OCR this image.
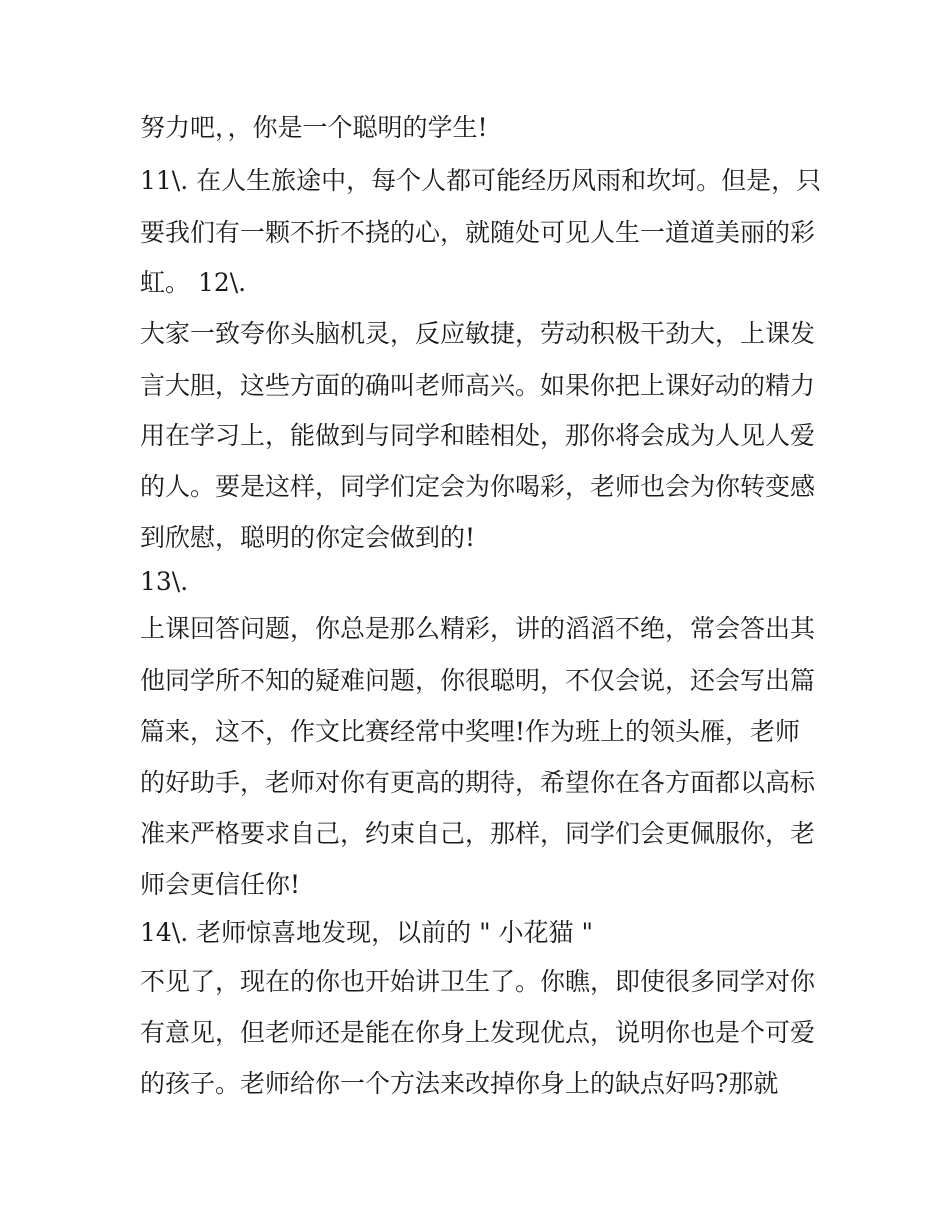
努力吧，，你是一个聪明的学生!
11\. 在人生旅途中，每个人都可能经历风雨和坎坷。但是，只
要我们有一颗不折不挠的心，就随处可见人生一道道美丽的彩
虹。 12\.
大家一致夸你头脑机灵，反应敏捷，劳动积极干劲大，上课发
言大胆，这些方面的确叫老师高兴。如果你把上课好动的精力
用在学习上，能做到与同学和睦相处，那你将会成为人见人爱
的人。要是这样，同学们定会为你喝彩，老师也会为你转变感
到欣慰，聪明的你定会做到的!
13\.
上课回答问题，你总是那么精彩，讲的滔滔不绝，常会答出其
他同学所不知的疑难问题，你很聪明，不仅会说，还会写出篇
篇来，这不，作文比赛经常中奖哩!作为班上的领头雁，老师
的好助手，老师对你有更高的期待，希望你在各方面都以高标
准来严格要求自己，约束自己，那样，同学们会更佩服你，老
师会更信任你!
14\. 老师惊喜地发现，以前的 " 小花猫 "
不见了，现在的你也开始讲卫生了。你瞧，即使很多同学对你
有意见，但老师还是能在你身上发现优点，说明你也是个可爱
的孩子。老师给你一个方法来改掉你身上的缺点好吗?那就
